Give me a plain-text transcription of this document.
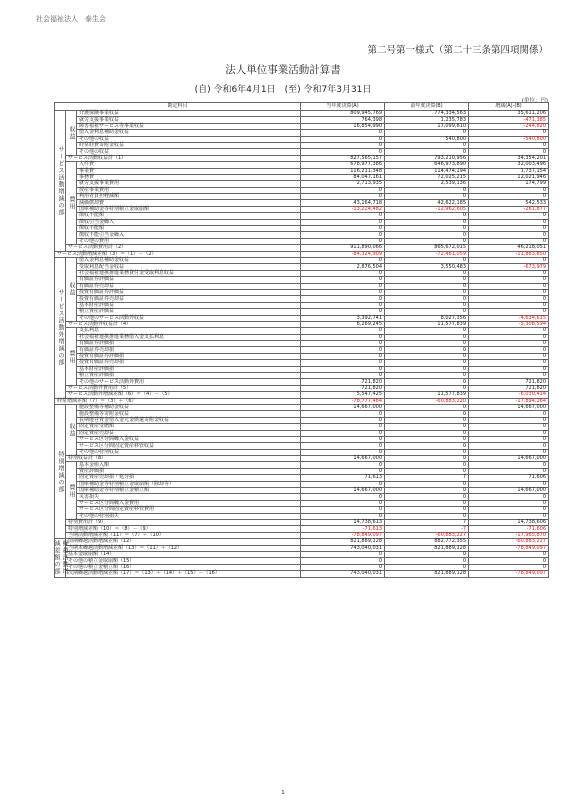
社会福祉法人　泰生会
第二号第一様式（第二十三条第四項関係）
法人単位事業活動計算書
(自) 令和6年4月1日　(至) 令和7年3月31日
(単位：円)
勘定科目			当年度決算(A)	前年度決算(B)	増減(A)-(B)
サービス活動増減の部	収益	介護保険事業収益	809,945,769	774,334,563	35,611,206
		就労支援事業収益	764,398	1,235,783	-471,385
		障害福祉サービス等事業収益	16,854,990	17,099,810	-244,820
		借入金利息補助金収益	0	0	0
		その他の収益	0	540,800	-540,800
		経常経費寄附金収益	0	0	0
		その他の収益	0	0	0
	サービス活動収益計（1）		827,565,157	793,210,956	34,354,201
	費用	人件費	678,977,386	646,973,890	32,003,496
		事業費	116,211,348	114,474,194	1,737,154
		事務費	84,047,161	72,025,215	12,021,946
		就労支援事業費用	2,713,935	2,539,136	174,799
		授産事業費用	0	0	0
		利用者負担軽減額	0	0	0
		減価償却費	43,164,718	42,622,185	542,533
		国庫補助金等特別積立金取崩額	-13,224,482	-12,962,605	-261,877
		徴収不能額	0	0	0
		徴収引当金繰入	0	0	0
		徴収不能額	0	0	0
		徴収不能引当金繰入	0	0	0
		その他の費用	0	0	0
	サービス活動費用計（2）		911,890,066	865,672,015	46,218,051
サービス活動増減差額（3）＝（1）－（2）			-84,324,909	-72,461,059	-11,863,850
サービス活動外増減の部	収益	借入金利息補助金収益	0	0	0
		受取利息配当金収益	2,876,504	3,550,483	-673,979
		社会福祉連携推進業務貸付金受取利息収益	0	0	0
		有価証券評価益	0	0	0
		有価証券売却益	0	0	0
		投資有価証券評価益	0	0	0
		投資有価証券売却益	0	0	0
		基本財産評価益	0	0	0
		積立資産評価益	0	0	0
		その他のサービス活動外収益	3,392,741	8,027,356	-4,634,615
	サービス活動外収益計（4）		6,269,245	11,577,839	-5,308,594
	費用	支払利息	0	0	0
		社会福祉連携推進業務借入金支払利息	0	0	0
		有価証券評価損	0	0	0
		有価証券売却損	0	0	0
		投資有価証券評価損	0	0	0
		投資有価証券売却損	0	0	0
		基本財産評価損	0	0	0
		積立資産評価損	0	0	0
		その他のサービス活動外費用	721,820	0	721,820
	サービス活動外費用計（5）		721,820	0	721,820
	サービス活動外増減差額（6）＝（4）－（5）		5,547,425	11,577,839	-6,030,414
経常増減差額（7）＝（3）＋（6）			-78,777,484	-60,883,220	-17,894,264
特別増減の部	収益	施設整備等補助金収益	14,667,000	0	14,667,000
		施設整備等寄附金収益	0	0	0
		長期運営資金借入金元金償還寄附金収益	0	0	0
		固定資産受贈額	0	0	0
		固定資産売却益	0	0	0
		サービス区分間繰入金収益	0	0	0
		サービス区分間固定資産移管収益	0	0	0
		その他の特別収益	0	0	0
	特別収益計（8）		14,667,000	0	14,667,000
	費用	基本金組入額	0	0	0
		資産評価損	0	0	0
		固定資産売却損・処分損	71,613	7	71,606
		国庫補助金等特別積立金取崩額（除却等）	0	0	0
		国庫補助金等特別積立金積立額	14,667,000	0	14,667,000
		災害損失	0	0	0
		サービス区分間繰入金費用	0	0	0
		サービス区分間固定資産移管費用	0	0	0
		その他の特別損失	0	0	0
	特別費用計（9）		14,738,613	7	14,738,606
	特別増減差額（10）＝（8）－（9）		-71,613	-7	-71,606
	当期活動増減差額（11）＝（7）＋（10）		-78,849,097	-60,883,227	-17,965,870
繰越活動増減差額の部	前期繰越活動増減差額（12）		821,889,128	882,772,355	-60,883,227
	当期末繰越活動増減差額（13）＝（11）＋（12）		743,040,031	821,889,128	-78,849,097
	基本金取崩額（14）		0	0	0
	その他の積立金取崩額（15）		0	0	0
	その他の積立金積立額（16）		0	0	0
	次期繰越活動増減差額（17）＝（13）＋（14）＋（15）－（16）		743,040,031	821,889,128	-78,849,097
1
